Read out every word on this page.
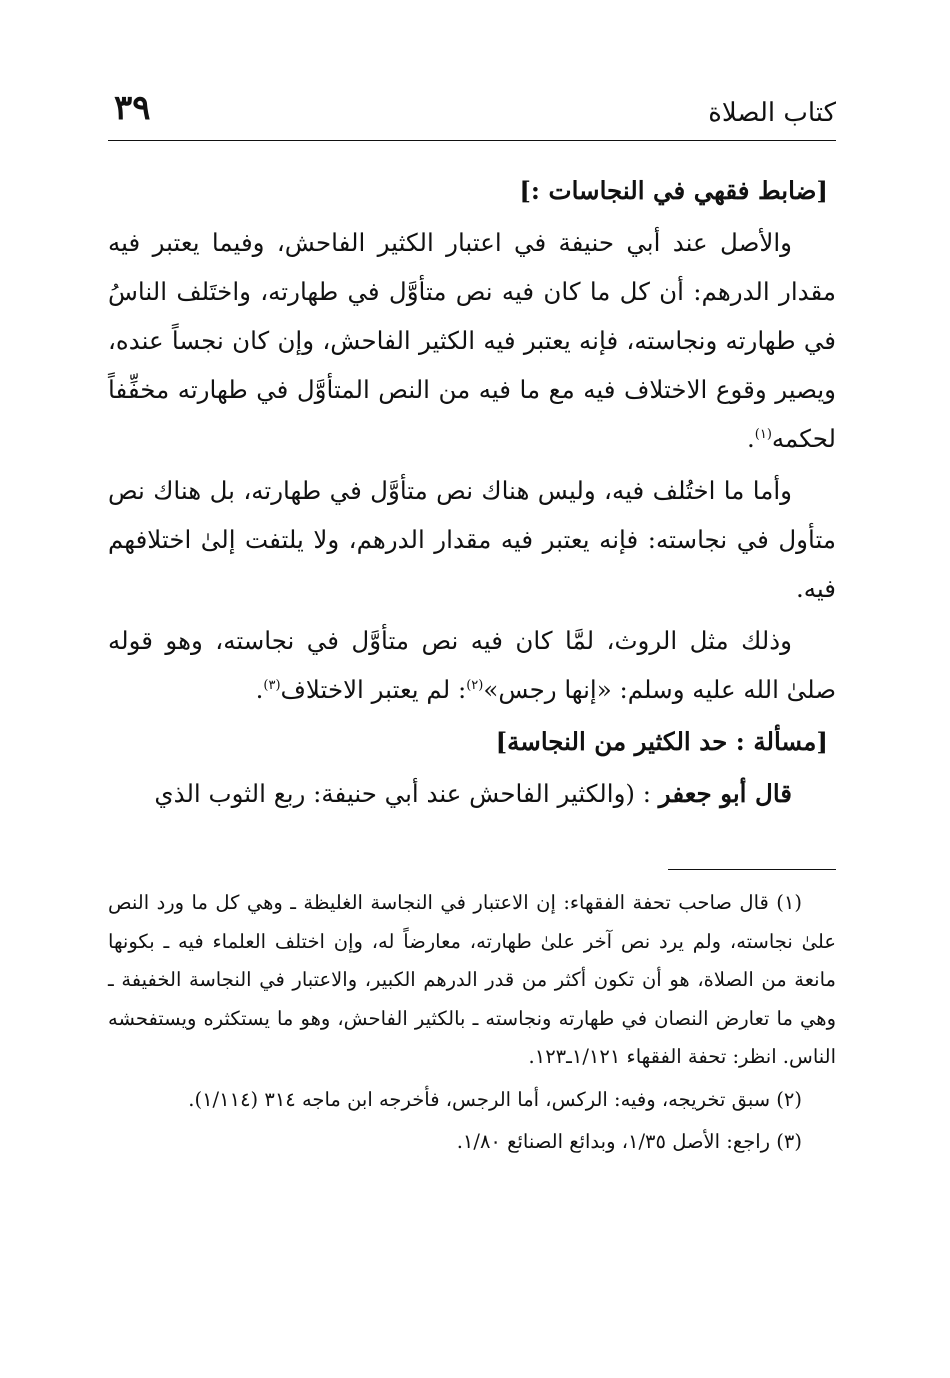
كتاب الصلاة
٣٩

[ضابط فقهي في النجاسات :]

والأصل عند أبي حنيفة في اعتبار الكثير الفاحش، وفيما يعتبر فيه مقدار الدرهم: أن كل ما كان فيه نص متأوَّل في طهارته، واختَلف الناسُ في طهارته ونجاسته، فإنه يعتبر فيه الكثير الفاحش، وإن كان نجساً عنده، ويصير وقوع الاختلاف فيه مع ما فيه من النص المتأوَّل في طهارته مخفِّفاً لحكمه$^{(١)}$.

وأما ما اختُلف فيه، وليس هناك نص متأوَّل في طهارته، بل هناك نص متأول في نجاسته: فإنه يعتبر فيه مقدار الدرهم، ولا يلتفت إلىٰ اختلافهم فيه.

وذلك مثل الروث، لمَّا كان فيه نص متأوَّل في نجاسته، وهو قوله صلىٰ الله عليه وسلم: «إنها رجس»$^{(٢)}$: لم يعتبر الاختلاف$^{(٣)}$.

[مسألة : حد الكثير من النجاسة]

قال أبو جعفر : (والكثير الفاحش عند أبي حنيفة: ربع الثوب الذي

(١) قال صاحب تحفة الفقهاء: إن الاعتبار في النجاسة الغليظة ـ وهي كل ما ورد النص علىٰ نجاسته، ولم يرد نص آخر علىٰ طهارته، معارضاً له، وإن اختلف العلماء فيه ـ بكونها مانعة من الصلاة، هو أن تكون أكثر من قدر الدرهم الكبير، والاعتبار في النجاسة الخفيفة ـ وهي ما تعارض النصان في طهارته ونجاسته ـ بالكثير الفاحش، وهو ما يستكثره ويستفحشه الناس. انظر: تحفة الفقهاء ١/١٢١ـ١٢٣.

(٢) سبق تخريجه، وفيه: الركس، أما الرجس، فأخرجه ابن ماجه ٣١٤ (١/١١٤).

(٣) راجع: الأصل ١/٣٥، وبدائع الصنائع ١/٨٠.
